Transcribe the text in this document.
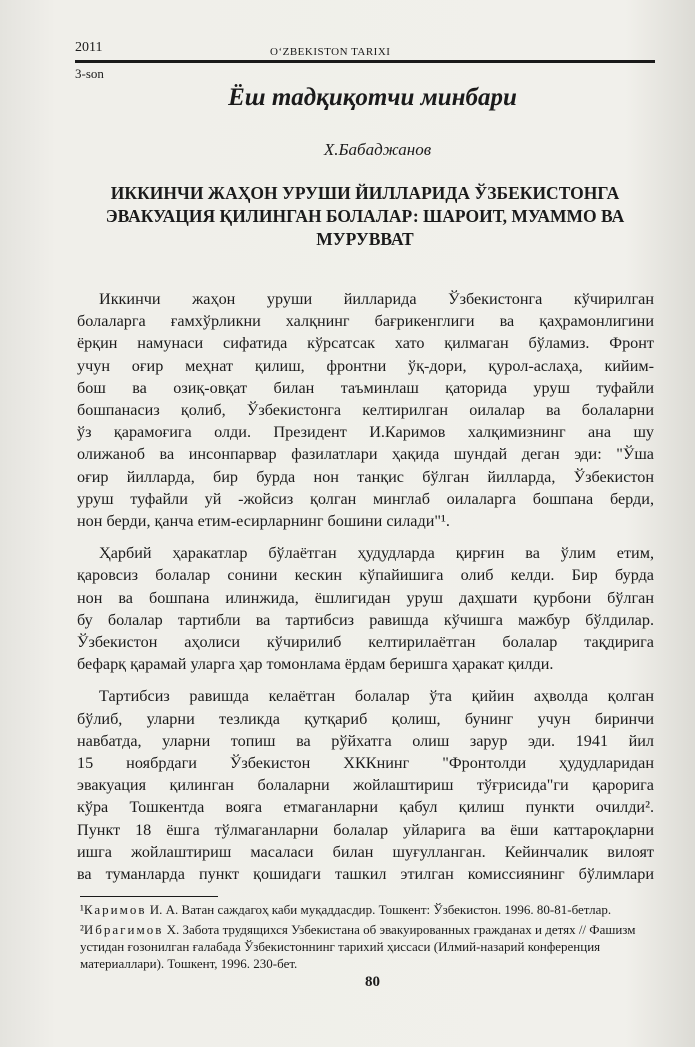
2011	O‘ZBEKISTON TARIXI
3-son
Ёш тадқиқотчи минбари
Х.Бабаджанов
ИККИНЧИ ЖАҲОН УРУШИ ЙИЛЛАРИДА ЎЗБЕКИСТОНГА
ЭВАКУАЦИЯ ҚИЛИНГАН БОЛАЛАР: ШАРОИТ, МУАММО ВА
МУРУВВАТ
Иккинчи жаҳон уруши йилларида Ўзбекистонга кўчирилган
болаларга ғамхўрликни халқнинг бағрикенглиги ва қаҳрамонлигини
ёрқин намунаси сифатида кўрсатсак хато қилмаган бўламиз. Фронт
учун оғир меҳнат қилиш, фронтни ўқ-дори, қурол-аслаҳа, кийим-
бош ва озиқ-овқат билан таъминлаш қаторида уруш туфайли
бошпанасиз қолиб, Ўзбекистонга келтирилган оилалар ва болаларни
ўз қарамоғига олди. Президент И.Каримов халқимизнинг ана шу
олижаноб ва инсонпарвар фазилатлари ҳақида шундай деган эди: "Ўша
оғир йилларда, бир бурда нон танқис бўлган йилларда, Ўзбекистон
уруш туфайли уй -жойсиз қолган минглаб оилаларга бошпана берди,
нон берди, қанча етим-есирларнинг бошини силади"¹.
Ҳарбий ҳаракатлар бўлаётган ҳудудларда қирғин ва ўлим етим,
қаровсиз болалар сонини кескин кўпайишига олиб келди. Бир бурда
нон ва бошпана илинжида, ёшлигидан уруш даҳшати қурбони бўлган
бу болалар тартибли ва тартибсиз равишда кўчишга мажбур бўлдилар.
Ўзбекистон аҳолиси кўчирилиб келтирилаётган болалар тақдирига
бефарқ қарамай уларга ҳар томонлама ёрдам беришга ҳаракат қилди.
Тартибсиз равишда келаётган болалар ўта қийин аҳволда қолган
бўлиб, уларни тезликда қутқариб қолиш, бунинг учун биринчи
навбатда, уларни топиш ва рўйхатга олиш зарур эди. 1941 йил
15 ноябрдаги Ўзбекистон ХККнинг "Фронтолди ҳудудларидан
эвакуация қилинган болаларни жойлаштириш тўғрисида"ги қарорига
кўра Тошкентда вояга етмаганларни қабул қилиш пункти очилди².
Пункт 18 ёшга тўлмаганларни болалар уйларига ва ёши каттароқларни
ишга жойлаштириш масаласи билан шуғулланган. Кейинчалик вилоят
ва туманларда пункт қошидаги ташкил этилган комиссиянинг бўлимлари
¹Каримов И. А. Ватан саждагоҳ каби муқаддасдир. Тошкент: Ўзбекистон. 1996. 80-81-бетлар.
²Ибрагимов Х. Забота трудящихся Узбекистана об эвакуированных гражданах и детях // Фашизм устидан ғозонилган ғалабада Ўзбекистоннинг тарихий ҳиссаси (Илмий-назарий конференция материаллари). Тошкент, 1996. 230-бет.
80
